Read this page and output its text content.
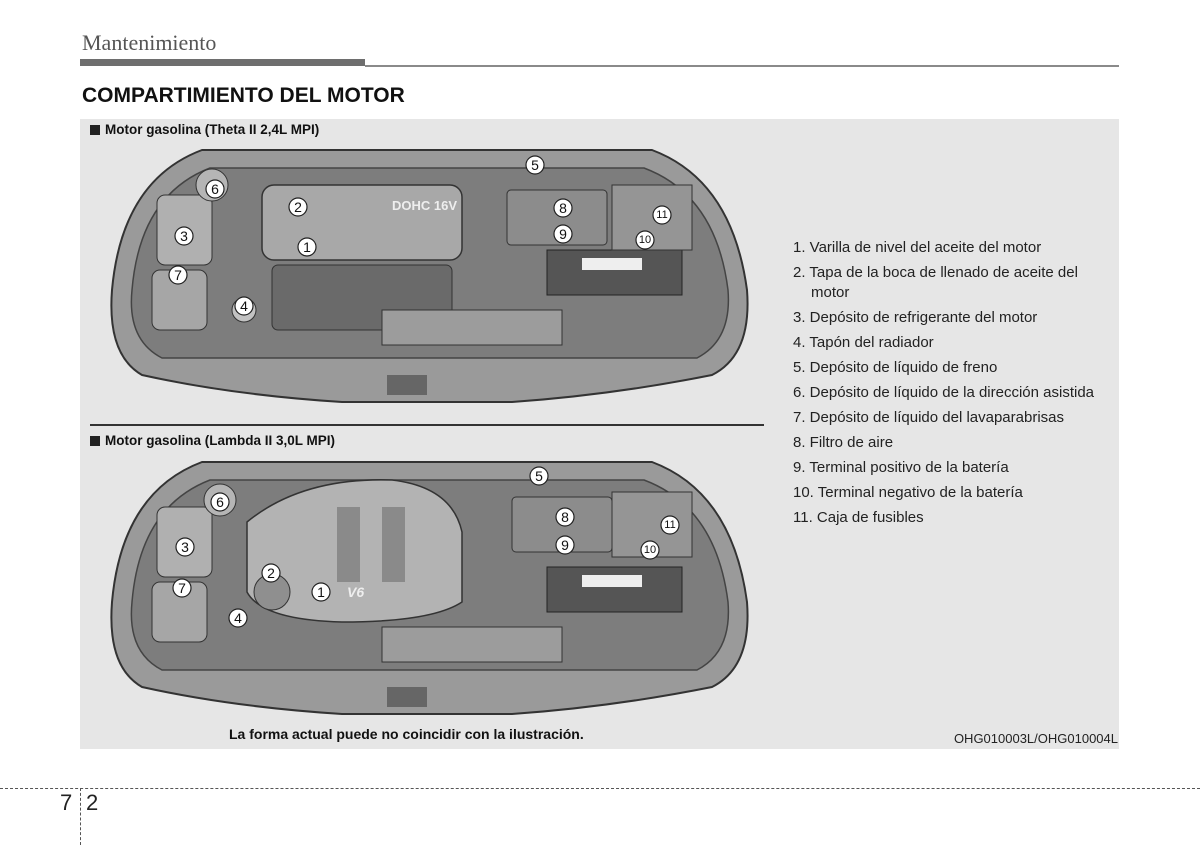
Mantenimiento
COMPARTIMIENTO DEL MOTOR
Motor gasolina (Theta II 2,4L MPI)
DOHC 16V
1
2
3
4
5
6
7
8
9	10
11
Motor gasolina (Lambda II 3,0L MPI)
V6
1
2
3
4
5
6
7
8
9	10
11
1. Varilla de nivel del aceite del motor
2. Tapa de la boca de llenado de aceite del motor
3. Depósito de refrigerante del motor
4. Tapón del radiador
5. Depósito de líquido de freno
6. Depósito de líquido de la dirección asistida
7. Depósito de líquido del lavaparabrisas
8. Filtro de aire
9. Terminal positivo de la batería
10. Terminal negativo de la batería
11. Caja de fusibles
La forma actual puede no coincidir con la ilustración.	OHG010003L/OHG010004L
7 2
